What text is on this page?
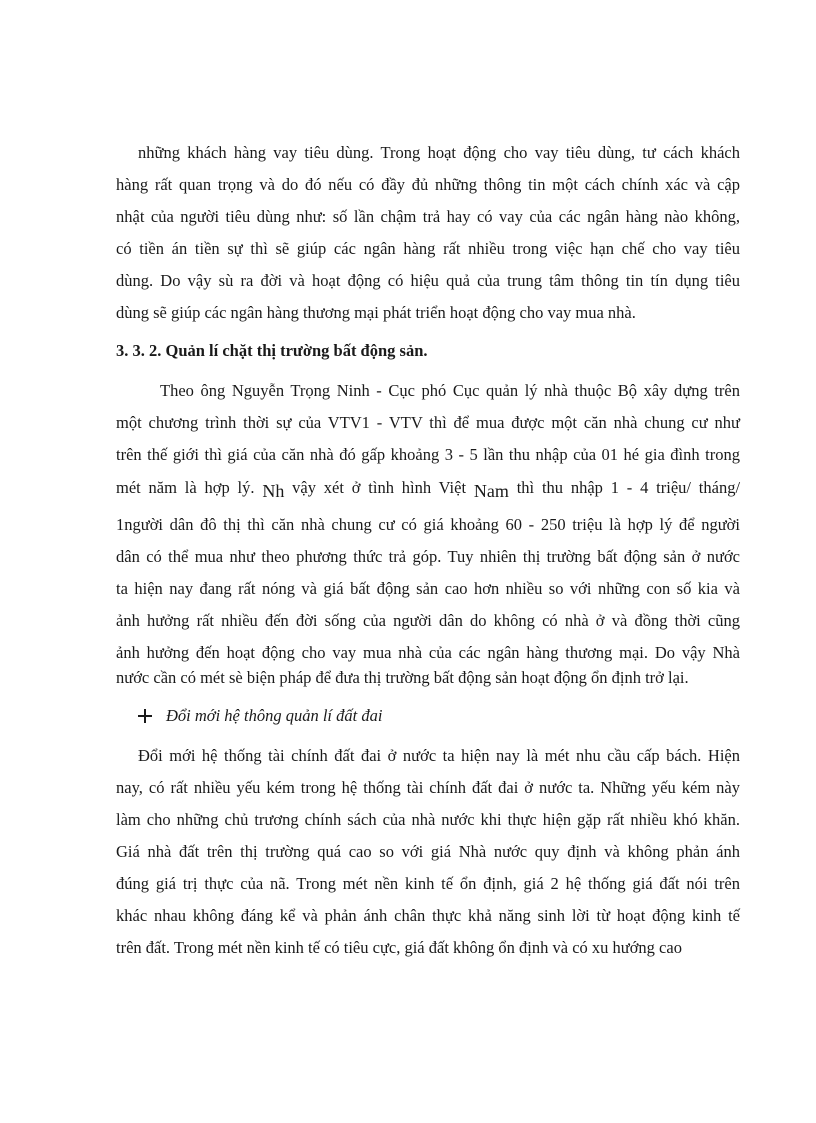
những khách hàng vay tiêu dùng. Trong hoạt động cho vay tiêu dùng, tư cách khách
hàng rất quan trọng và do đó nếu có đầy đủ những thông tin một cách chính xác và cập
nhật của người tiêu dùng như: số lần chậm trả hay có vay của các ngân hàng nào không,
có tiền án tiền sự thì sẽ giúp các ngân hàng rất nhiều trong việc hạn chế cho vay tiêu
dùng. Do vậy sù ra đời và hoạt động có hiệu quả của trung tâm thông tin tín dụng tiêu
dùng sẽ giúp các ngân hàng thương mại phát triển hoạt động cho vay mua nhà.
3. 3. 2. Quản lí chặt thị trường bất động sản.
Theo ông Nguyễn Trọng Ninh - Cục phó Cục quản lý nhà thuộc Bộ xây dựng trên
một chương trình thời sự của VTV1 - VTV thì để mua được một căn nhà chung cư như
trên thế giới thì giá của căn nhà đó gấp khoảng 3 - 5 lần thu nhập của 01 hé gia đình trong
mét năm là hợp lý. Nh vậy xét ở tình hình Việt Nam thì thu nhập 1 - 4 triệu/ tháng/
1người dân đô thị thì căn nhà chung cư có giá khoảng 60 - 250 triệu là hợp lý để người
dân có thể mua như theo phương thức trả góp. Tuy nhiên thị trường bất động sản ở nước
ta hiện nay đang rất nóng và giá bất động sản cao hơn nhiều so với những con số kia và
ảnh hưởng rất nhiều đến đời sống của người dân do không có nhà ở và đồng thời cũng
ảnh hưởng đến hoạt động cho vay mua nhà của các ngân hàng thương mại. Do vậy Nhà
nước cần có mét sè biện pháp để đưa thị trường bất động sản hoạt động ổn định trở lại.
Đổi mới hệ thông quản lí đất đai
Đổi mới hệ thống tài chính đất đai ở nước ta hiện nay là mét nhu cầu cấp bách. Hiện
nay, có rất nhiều yếu kém trong hệ thống tài chính đất đai ở nước ta. Những yếu kém này
làm cho những chủ trương chính sách của nhà nước khi thực hiện gặp rất nhiều khó khăn.
Giá nhà đất trên thị trường quá cao so với giá Nhà nước quy định và không phản ánh
đúng giá trị thực của nã. Trong mét nền kinh tế ổn định, giá 2 hệ thống giá đất nói trên
khác nhau không đáng kể và phản ánh chân thực khả năng sinh lời từ hoạt động kinh tế
trên đất. Trong mét nền kinh tế có tiêu cực, giá đất không ổn định và có xu hướng cao
